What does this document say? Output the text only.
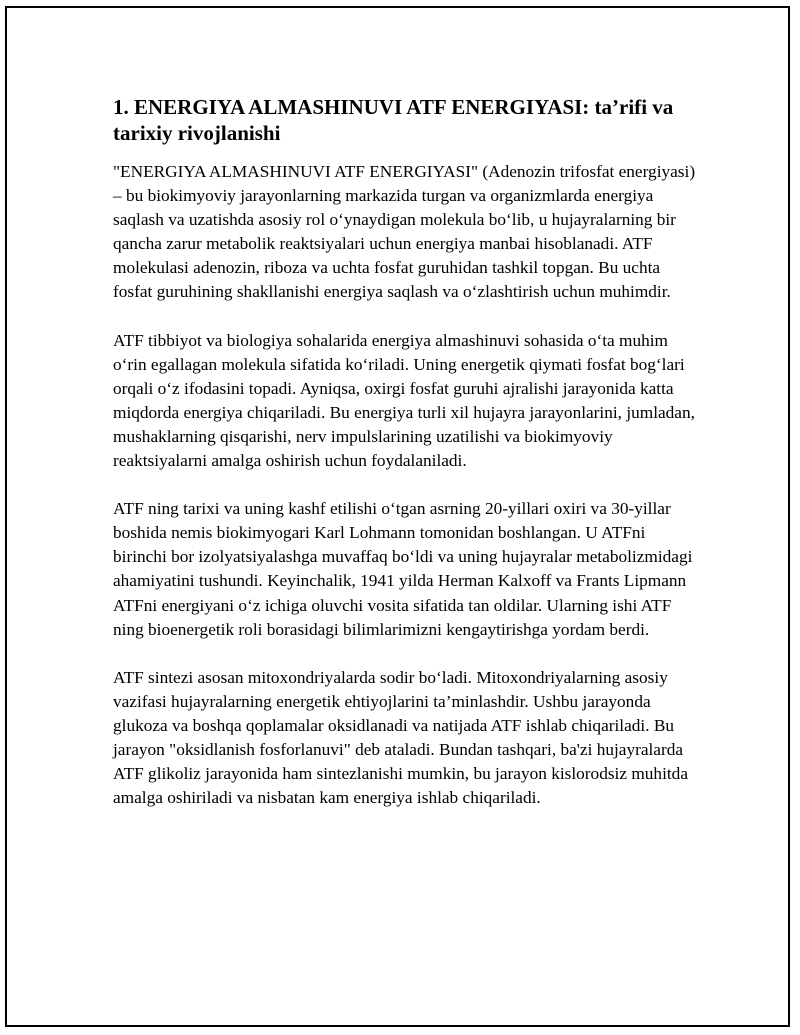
1. ENERGIYA ALMASHINUVI ATF ENERGIYASI: ta’rifi va tarixiy rivojlanishi

"ENERGIYA ALMASHINUVI ATF ENERGIYASI" (Adenozin trifosfat energiyasi) – bu biokimyoviy jarayonlarning markazida turgan va organizmlarda energiya saqlash va uzatishda asosiy rol oʻynaydigan molekula boʻlib, u hujayralarning bir qancha zarur metabolik reaktsiyalari uchun energiya manbai hisoblanadi. ATF molekulasi adenozin, riboza va uchta fosfat guruhidan tashkil topgan. Bu uchta fosfat guruhining shakllanishi energiya saqlash va oʻzlashtirish uchun muhimdir.

ATF tibbiyot va biologiya sohalarida energiya almashinuvi sohasida oʻta muhim oʻrin egallagan molekula sifatida koʻriladi. Uning energetik qiymati fosfat bogʻlari orqali oʻz ifodasini topadi. Ayniqsa, oxirgi fosfat guruhi ajralishi jarayonida katta miqdorda energiya chiqariladi. Bu energiya turli xil hujayra jarayonlarini, jumladan, mushaklarning qisqarishi, nerv impulslarining uzatilishi va biokimyoviy reaktsiyalarni amalga oshirish uchun foydalaniladi.

ATF ning tarixi va uning kashf etilishi oʻtgan asrning 20-yillari oxiri va 30-yillar boshida nemis biokimyogari Karl Lohmann tomonidan boshlangan. U ATFni birinchi bor izolyatsiyalashga muvaffaq boʻldi va uning hujayralar metabolizmidagi ahamiyatini tushundi. Keyinchalik, 1941 yilda Herman Kalxoff va Frants Lipmann ATFni energiyani oʻz ichiga oluvchi vosita sifatida tan oldilar. Ularning ishi ATF ning bioenergetik roli borasidagi bilimlarimizni kengaytirishga yordam berdi.

ATF sintezi asosan mitoxondriyalarda sodir boʻladi. Mitoxondriyalarning asosiy vazifasi hujayralarning energetik ehtiyojlarini ta’minlashdir. Ushbu jarayonda glukoza va boshqa qoplamalar oksidlanadi va natijada ATF ishlab chiqariladi. Bu jarayon "oksidlanish fosforlanuvi" deb ataladi. Bundan tashqari, ba'zi hujayralarda ATF glikoliz jarayonida ham sintezlanishi mumkin, bu jarayon kislorodsiz muhitda amalga oshiriladi va nisbatan kam energiya ishlab chiqariladi.
